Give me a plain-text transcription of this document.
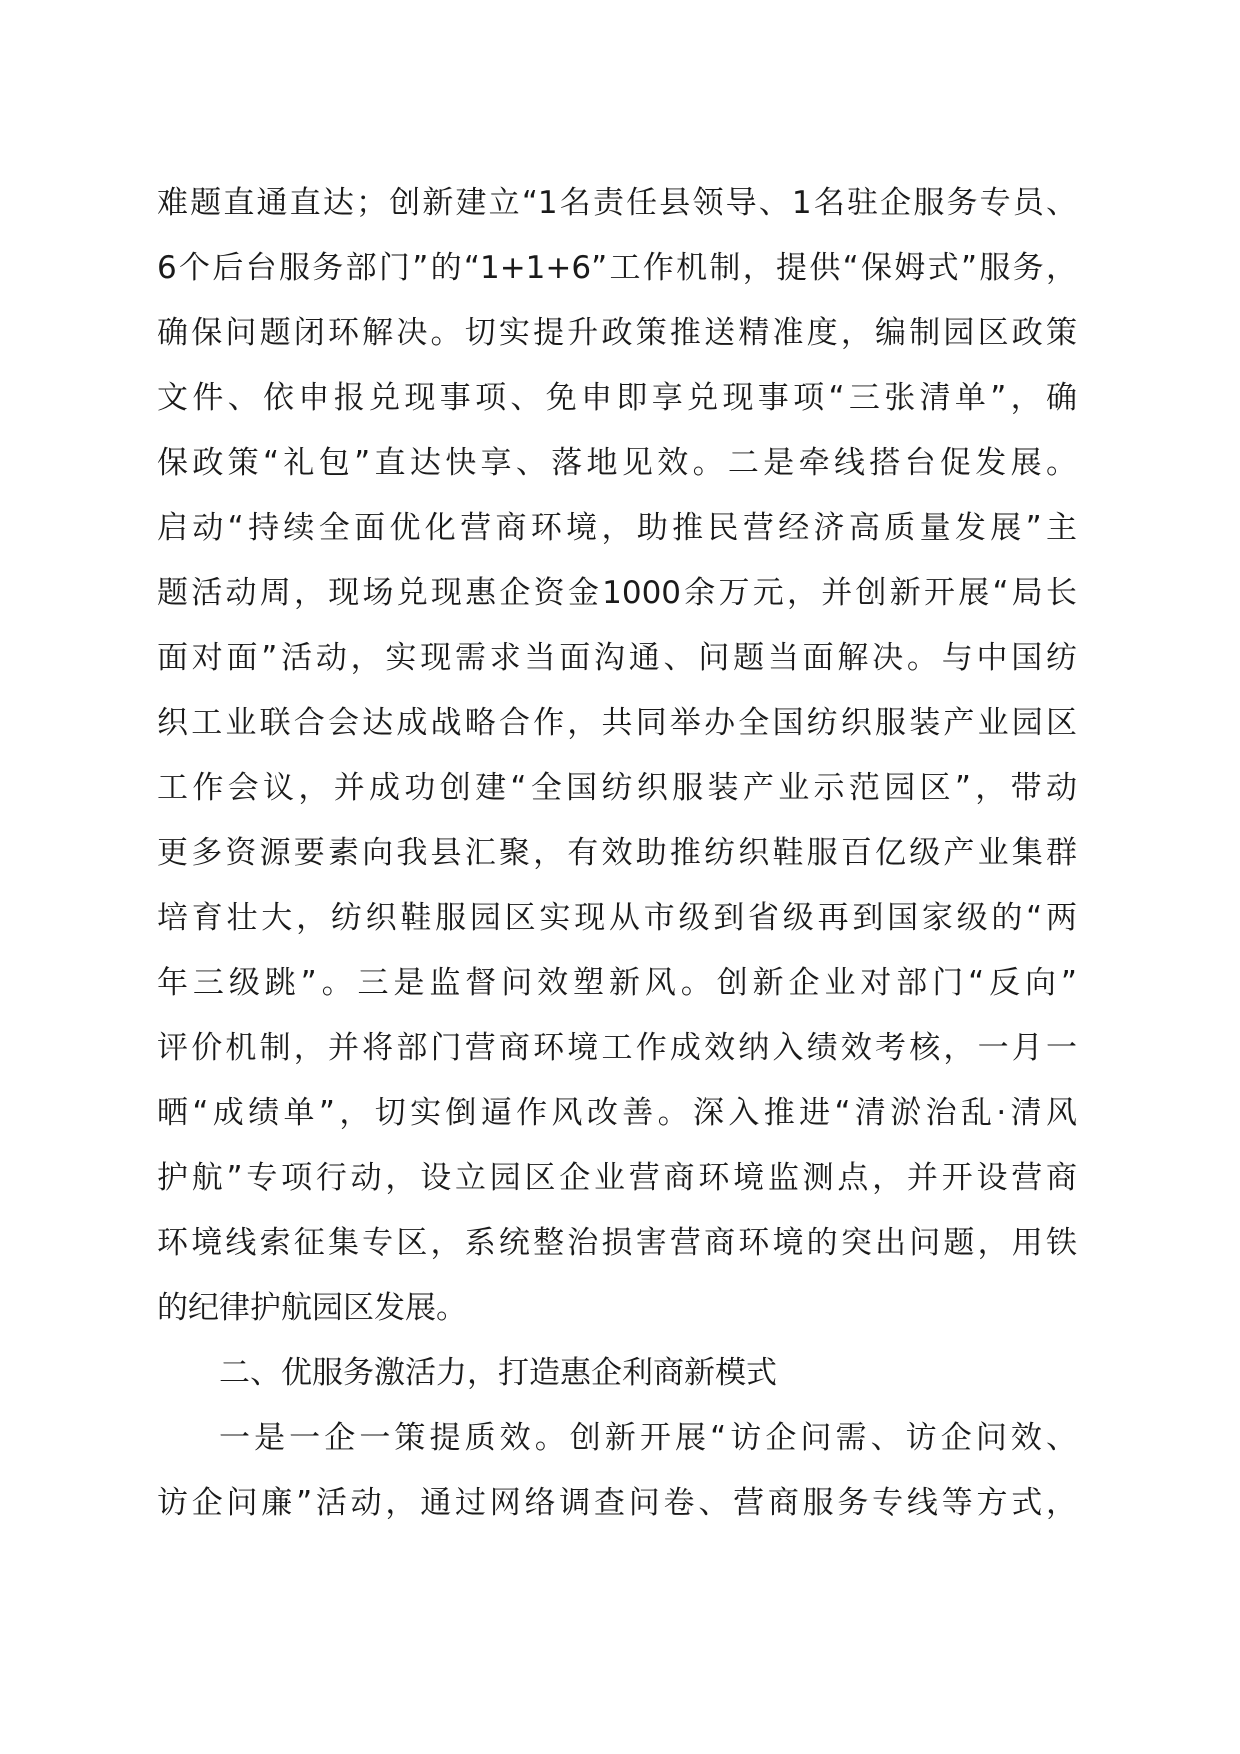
难题直通直达；创新建立“1名责任县领导、1名驻企服务专员、
6个后台服务部门”的“1+1+6”工作机制，提供“保姆式”服务，
确保问题闭环解决。切实提升政策推送精准度，编制园区政策
文件、依申报兑现事项、免申即享兑现事项“三张清单”，确
保政策“礼包”直达快享、落地见效。二是牵线搭台促发展。
启动“持续全面优化营商环境，助推民营经济高质量发展”主
题活动周，现场兑现惠企资金1000余万元，并创新开展“局长
面对面”活动，实现需求当面沟通、问题当面解决。与中国纺
织工业联合会达成战略合作，共同举办全国纺织服装产业园区
工作会议，并成功创建“全国纺织服装产业示范园区”，带动
更多资源要素向我县汇聚，有效助推纺织鞋服百亿级产业集群
培育壮大，纺织鞋服园区实现从市级到省级再到国家级的“两
年三级跳”。三是监督问效塑新风。创新企业对部门“反向”
评价机制，并将部门营商环境工作成效纳入绩效考核，一月一
晒“成绩单”，切实倒逼作风改善。深入推进“清淤治乱·清风
护航”专项行动，设立园区企业营商环境监测点，并开设营商
环境线索征集专区，系统整治损害营商环境的突出问题，用铁
的纪律护航园区发展。
二、优服务激活力，打造惠企利商新模式
一是一企一策提质效。创新开展“访企问需、访企问效、
访企问廉”活动，通过网络调查问卷、营商服务专线等方式，
